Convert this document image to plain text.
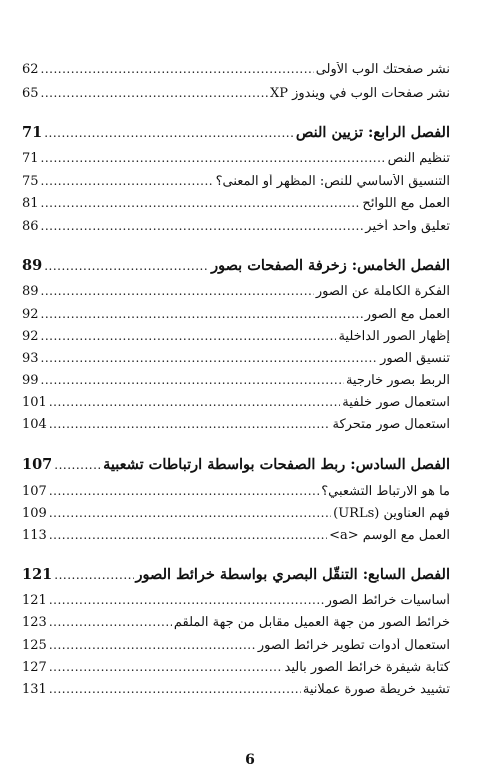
62 .....	نشر صفحتك الوب الأولى
65 .....	نشر صفحات الوب في ويندوز XP
71 .....	الفصل الرابع: تزيين النص
71 .....	تنظيم النص
75 .....	التنسيق الأساسي للنص: المظهر أو المعنى؟
81 .....	العمل مع اللوائح
86 .....	تعليق واحد أخير
89 .....	الفصل الخامس: زخرفة الصفحات بصور
89 .....	الفكرة الكاملة عن الصور
92 .....	العمل مع الصور
92 .....	إظهار الصور الداخلية
93 .....	تنسيق الصور
99 .....	الربط بصور خارجية
101 .....	استعمال صور خلفية
104 .....	استعمال صور متحركة
107 .....	الفصل السادس: ربط الصفحات بواسطة ارتباطات تشعبية
107 .....	ما هو الارتباط التشعبي؟
109 .....	فهم العناوين (URLs)
113 .....	العمل مع الوسم <a>
121 .....	الفصل السابع: التنقّل البصري بواسطة خرائط الصور
121 .....	أساسيات خرائط الصور
123 .....	خرائط الصور من جهة العميل مقابل من جهة الملقم
125 .....	استعمال أدوات تطوير خرائط الصور
127 .....	كتابة شيفرة خرائط الصور باليد
131 .....	تشييد خريطة صورة عملانية
6
